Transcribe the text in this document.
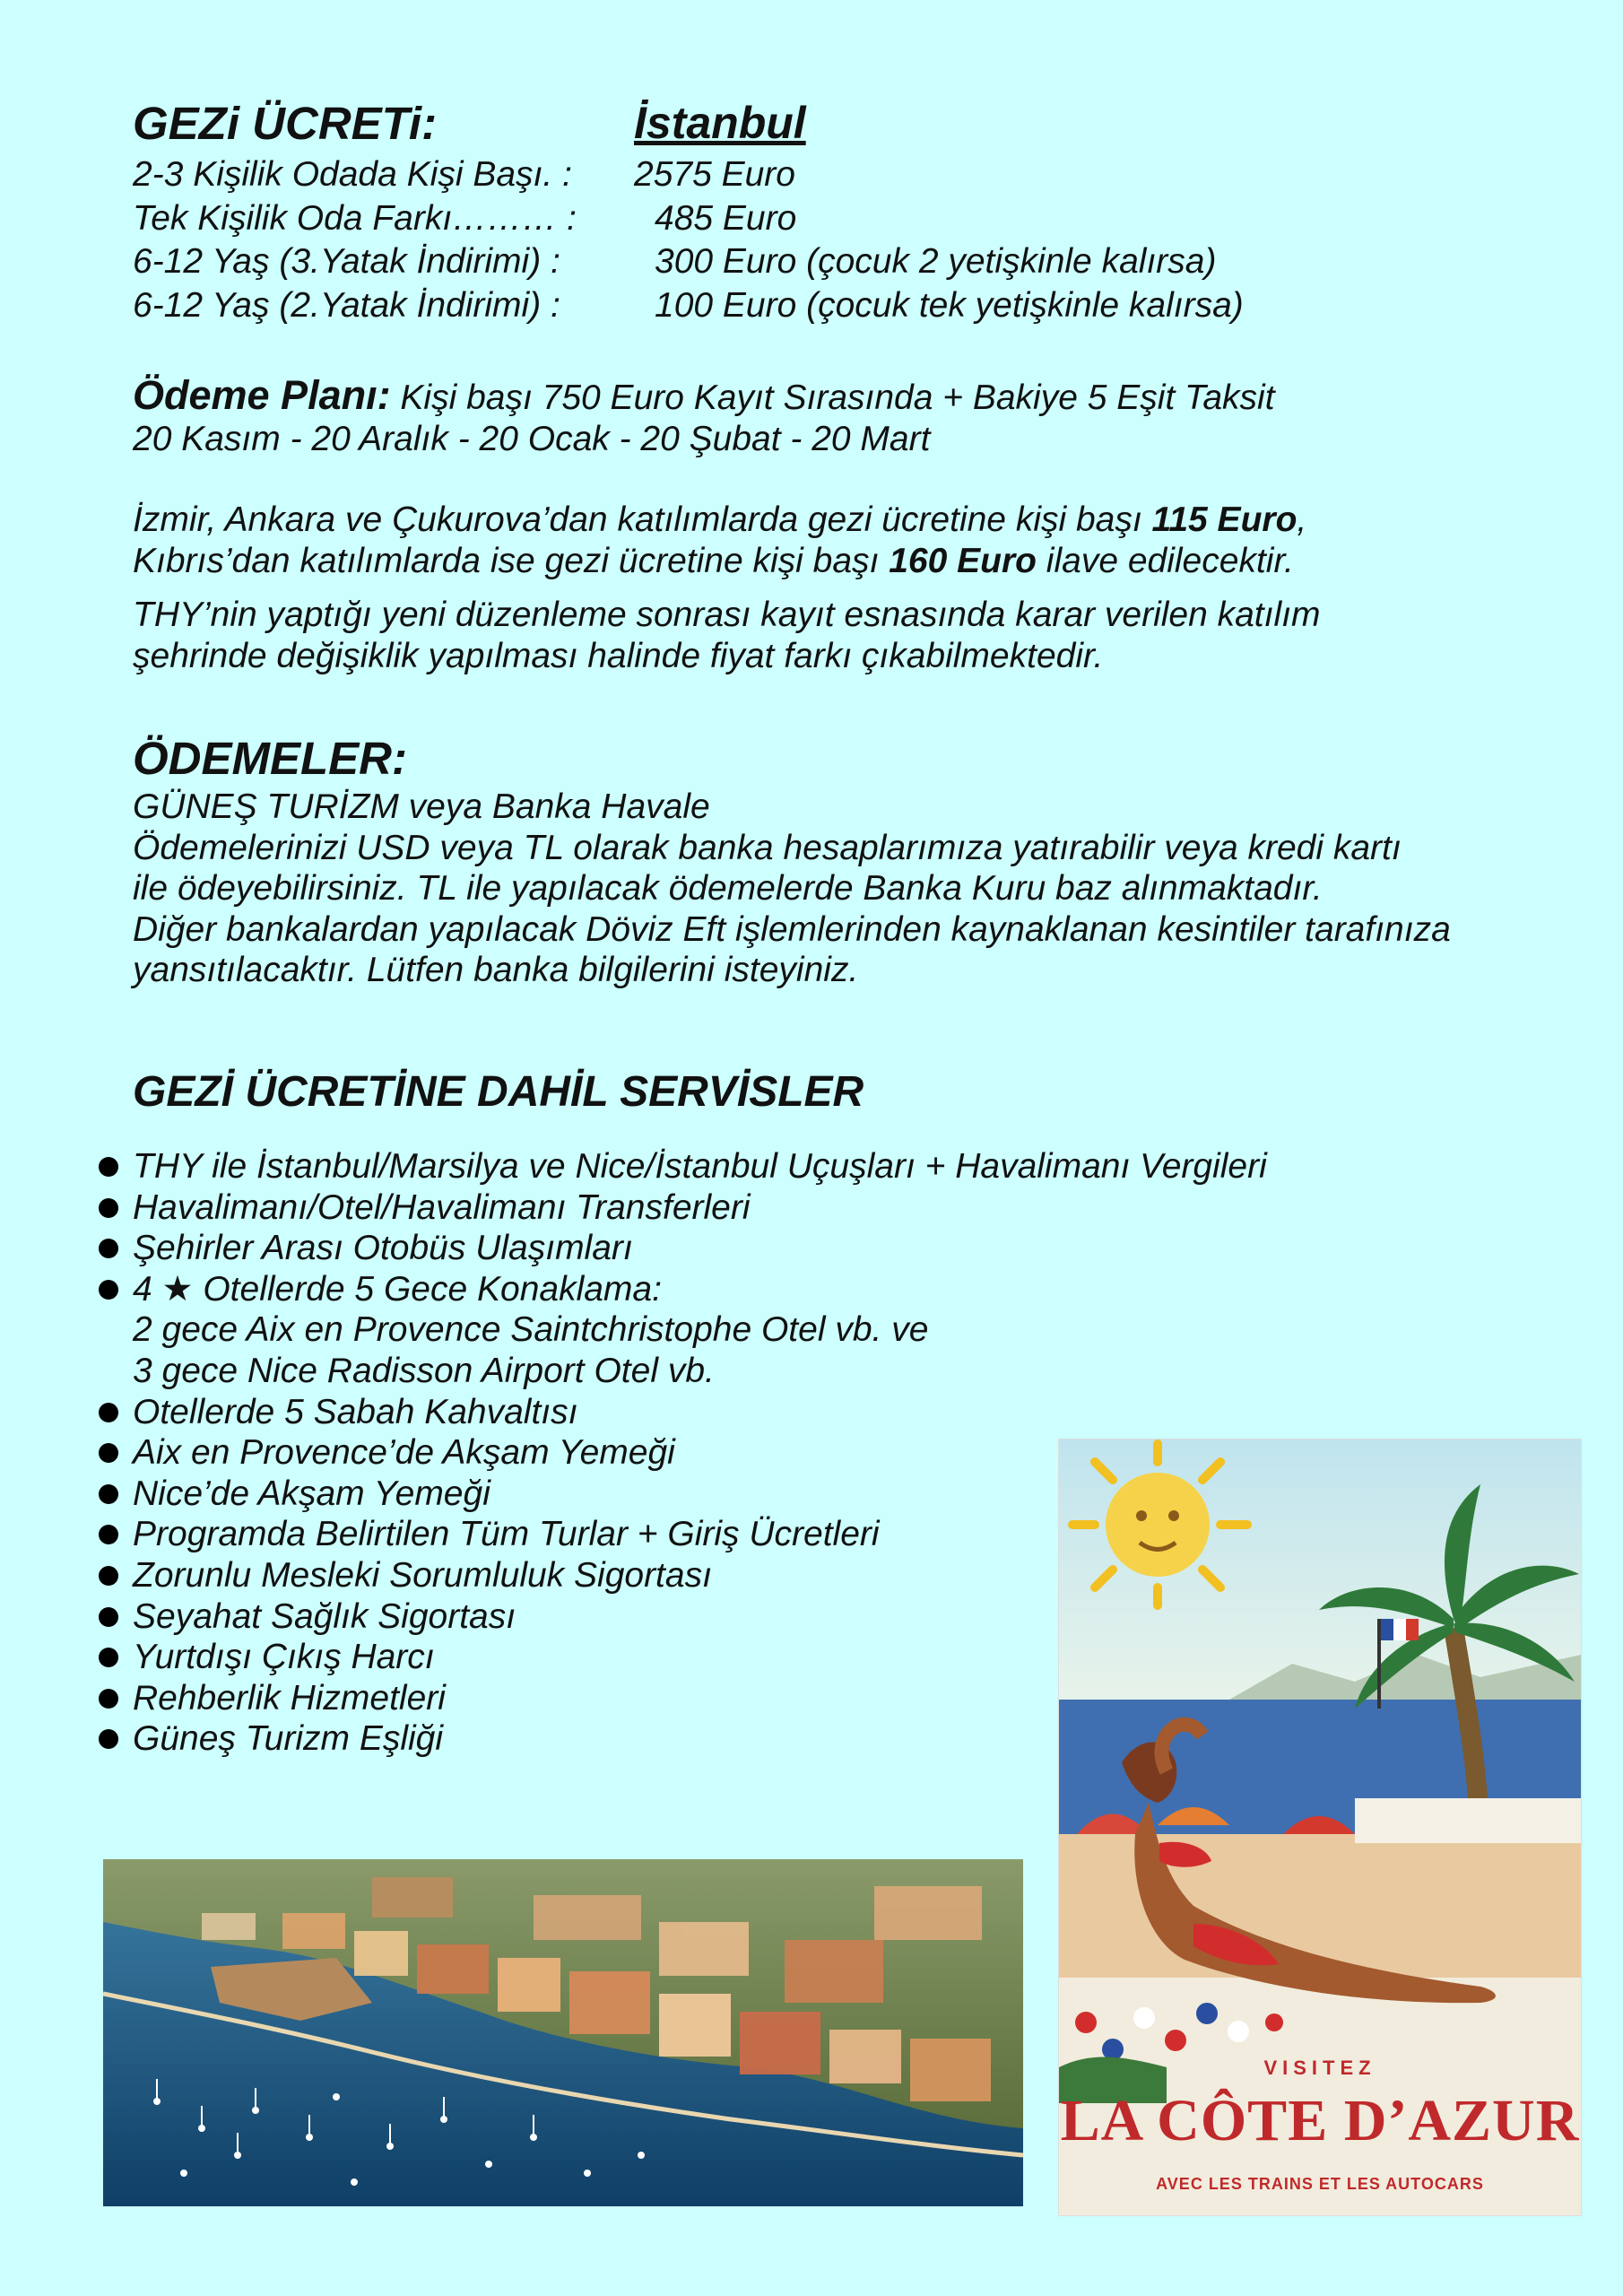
GEZi ÜCRETi:	İstanbul
2-3 Kişilik Odada Kişi Başı. : 2575 Euro
Tek Kişilik Oda Farkı……… : 485 Euro
6-12 Yaş (3.Yatak İndirimi) :	300 Euro (çocuk 2 yetişkinle kalırsa)
6-12 Yaş (2.Yatak İndirimi) :	100 Euro (çocuk tek yetişkinle kalırsa)
Ödeme Planı: Kişi başı 750 Euro Kayıt Sırasında + Bakiye 5 Eşit Taksit
20 Kasım - 20 Aralık - 20 Ocak - 20 Şubat - 20 Mart
İzmir, Ankara ve Çukurova’dan katılımlarda gezi ücretine kişi başı 115 Euro,
Kıbrıs’dan katılımlarda ise gezi ücretine kişi başı 160 Euro ilave edilecektir.
THY’nin yaptığı yeni düzenleme sonrası kayıt esnasında karar verilen katılım
şehrinde değişiklik yapılması halinde fiyat farkı çıkabilmektedir.
ÖDEMELER:
GÜNEŞ TURİZM veya Banka Havale
Ödemelerinizi USD veya TL olarak banka hesaplarımıza yatırabilir veya kredi kartı
ile ödeyebilirsiniz. TL ile yapılacak ödemelerde Banka Kuru baz alınmaktadır.
Diğer bankalardan yapılacak Döviz Eft işlemlerinden kaynaklanan kesintiler tarafınıza
yansıtılacaktır. Lütfen banka bilgilerini isteyiniz.
GEZİ ÜCRETİNE DAHİL SERVİSLER
THY ile İstanbul/Marsilya ve Nice/İstanbul Uçuşları + Havalimanı Vergileri
Havalimanı/Otel/Havalimanı Transferleri
Şehirler Arası Otobüs Ulaşımları
4 ★ Otellerde 5 Gece Konaklama:
2 gece Aix en Provence Saintchristophe Otel vb. ve
3 gece Nice Radisson Airport Otel vb.
Otellerde 5 Sabah Kahvaltısı
Aix en Provence’de Akşam Yemeği
Nice’de Akşam Yemeği
Programda Belirtilen Tüm Turlar + Giriş Ücretleri
Zorunlu Mesleki Sorumluluk Sigortası
Seyahat Sağlık Sigortası
Yurtdışı Çıkış Harcı
Rehberlik Hizmetleri
Güneş Turizm Eşliği
VISITEZ
LA CÔTE D’AZUR
AVEC LES TRAINS ET LES AUTOCARS
